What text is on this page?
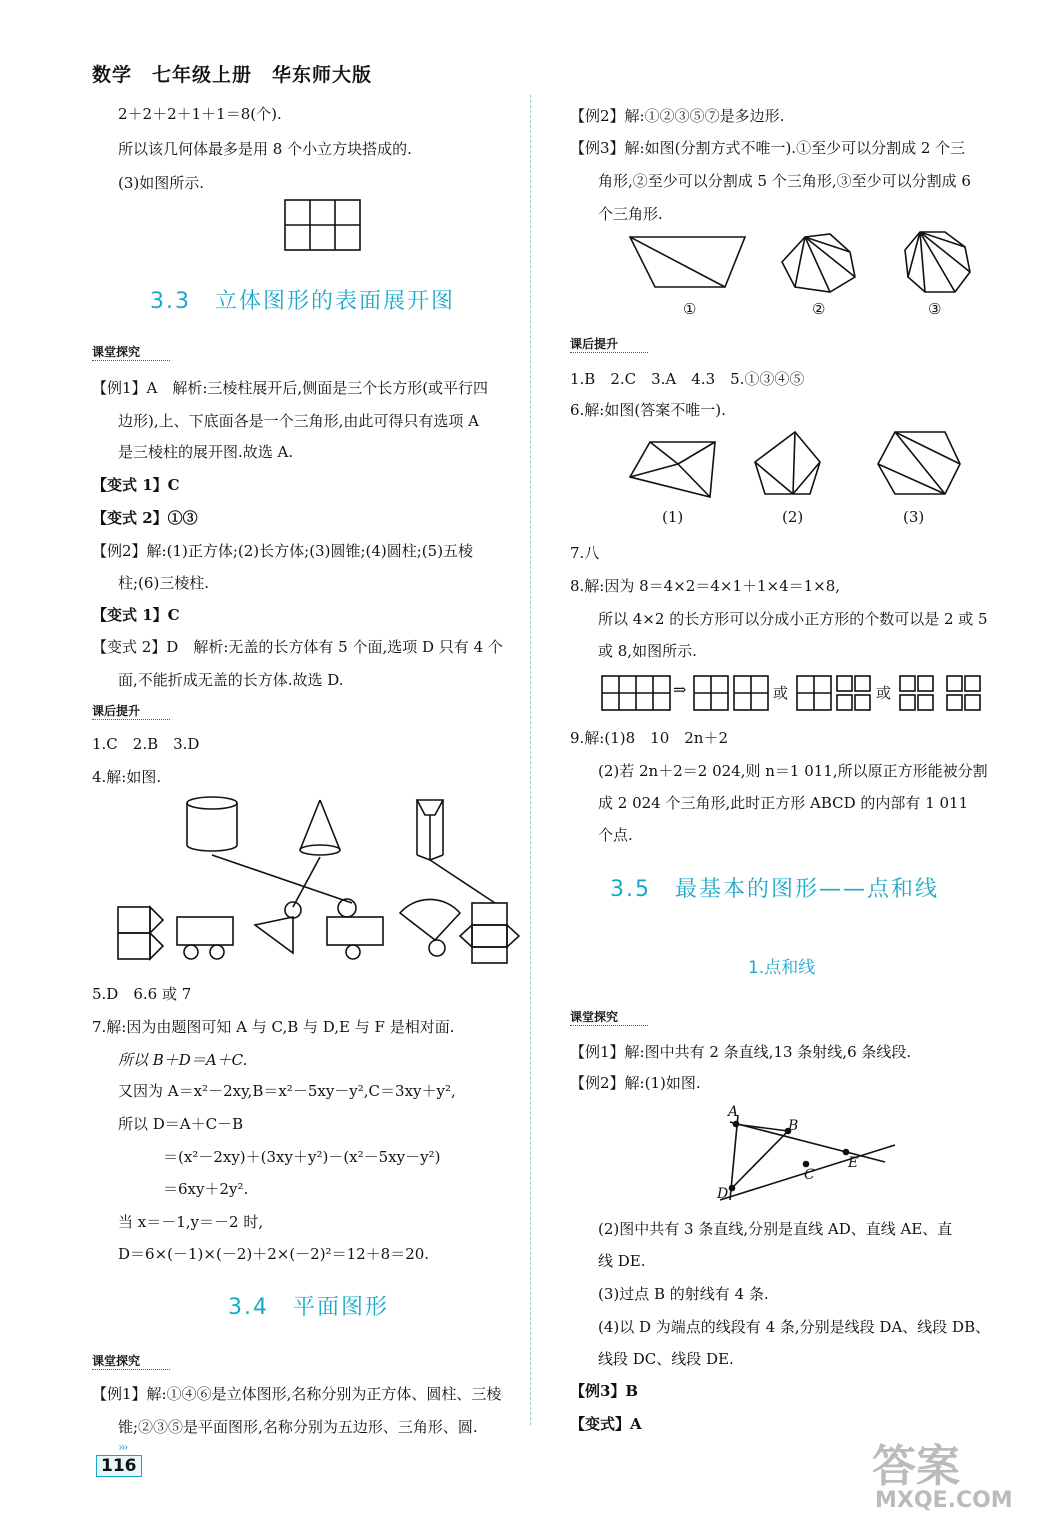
数学　七年级上册　华东师大版
2＋2＋2＋1＋1＝8(个).
所以该几何体最多是用 8 个小立方块搭成的.
(3)如图所示.
3.3　立体图形的表面展开图
课堂探究
【例1】A　解析:三棱柱展开后,侧面是三个长方形(或平行四
边形),上、下底面各是一个三角形,由此可得只有选项 A
是三棱柱的展开图.故选 A.
【变式 1】C
【变式 2】①③
【例2】解:(1)正方体;(2)长方体;(3)圆锥;(4)圆柱;(5)五棱
柱;(6)三棱柱.
【变式 1】C
【变式 2】D　解析:无盖的长方体有 5 个面,选项 D 只有 4 个
面,不能折成无盖的长方体.故选 D.
课后提升
1.C　2.B　3.D
4.解:如图.
5.D　6.6 或 7
7.解:因为由题图可知 A 与 C,B 与 D,E 与 F 是相对面.
所以 B＋D＝A＋C.
又因为 A＝x²－2xy,B＝x²－5xy－y²,C＝3xy＋y²,
所以 D＝A＋C－B
＝(x²－2xy)＋(3xy＋y²)－(x²－5xy－y²)
＝6xy＋2y².
当 x＝－1,y＝－2 时,
D＝6×(－1)×(－2)＋2×(－2)²＝12＋8＝20.
3.4　平面图形
课堂探究
【例1】解:①④⑥是立体图形,名称分别为正方体、圆柱、三棱
锥;②③⑤是平面图形,名称分别为五边形、三角形、圆.
【例2】解:①②③⑤⑦是多边形.
【例3】解:如图(分割方式不唯一).①至少可以分割成 2 个三
角形,②至少可以分割成 5 个三角形,③至少可以分割成 6
个三角形.
①	②	③
课后提升
1.B　2.C　3.A　4.3　5.①③④⑤
6.解:如图(答案不唯一).
(1)	(2)	(3)
7.八
8.解:因为 8＝4×2＝4×1＋1×4＝1×8,
所以 4×2 的长方形可以分成小正方形的个数可以是 2 或 5
或 8,如图所示.
⇒	或	或
9.解:(1)8　10　2n＋2
(2)若 2n＋2＝2 024,则 n＝1 011,所以原正方形能被分割
成 2 024 个三角形,此时正方形 ABCD 的内部有 1 011
个点.
3.5　最基本的图形——点和线
1.点和线
课堂探究
【例1】解:图中共有 2 条直线,13 条射线,6 条线段.
【例2】解:(1)如图.
A
B
C
D
E
(2)图中共有 3 条直线,分别是直线 AD、直线 AE、直
线 DE.
(3)过点 B 的射线有 4 条.
(4)以 D 为端点的线段有 4 条,分别是线段 DA、线段 DB、
线段 DC、线段 DE.
【例3】B
【变式】A
›››
116	答案
MXQE.COM
